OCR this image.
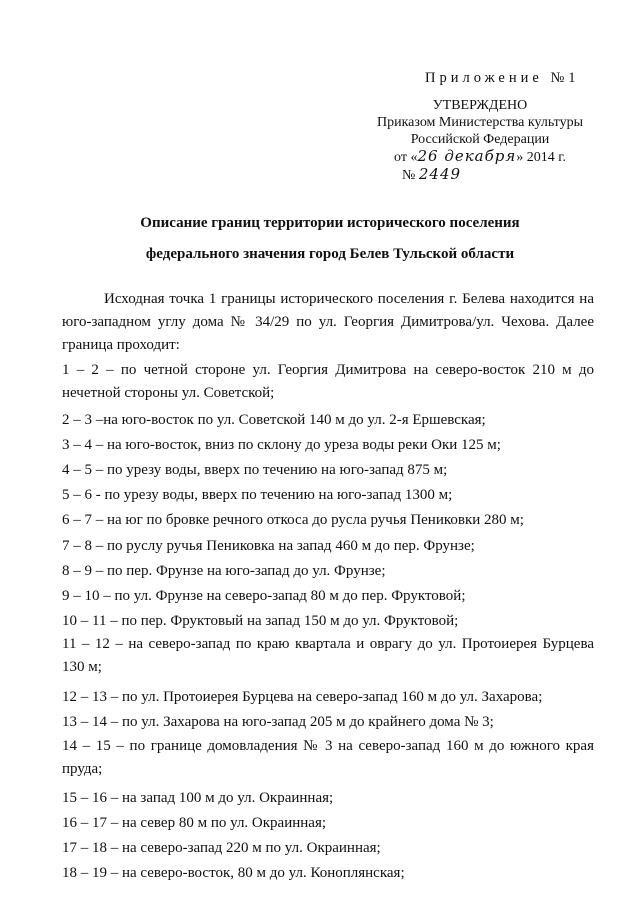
Приложение №1
УТВЕРЖДЕНО
Приказом Министерства культуры
Российской Федерации
от «26 декабря» 2014 г.
№ 2449
Описание границ территории исторического поселения
федерального значения город Белев Тульской области
Исходная точка 1 границы исторического поселения г. Белева находится на юго-западном углу дома № 34/29 по ул. Георгия Димитрова/ул. Чехова. Далее граница проходит:
1 – 2 – по четной стороне ул. Георгия Димитрова на северо-восток 210 м до нечетной стороны ул. Советской;
2 – 3 –на юго-восток по ул. Советской 140 м до ул. 2-я Ершевская;
3 – 4 – на юго-восток, вниз по склону до уреза воды реки Оки 125 м;
4 – 5 – по урезу воды, вверх по течению на юго-запад 875 м;
5 – 6 - по урезу воды, вверх по течению на юго-запад 1300 м;
6 – 7 – на юг по бровке речного откоса до русла ручья Пениковки 280 м;
7 – 8 – по руслу ручья Пениковка на запад 460 м до пер. Фрунзе;
8 – 9 – по пер. Фрунзе на юго-запад до ул. Фрунзе;
9 – 10 – по ул. Фрунзе на северо-запад 80 м до пер. Фруктовой;
10 – 11 – по пер. Фруктовый на запад 150 м до ул. Фруктовой;
11 – 12 – на северо-запад по краю квартала и оврагу до ул. Протоиерея Бурцева 130 м;
12 – 13 – по ул. Протоиерея Бурцева на северо-запад 160 м до ул. Захарова;
13 – 14 – по ул. Захарова на юго-запад 205 м до крайнего дома № 3;
14 – 15 – по границе домовладения № 3 на северо-запад 160 м до южного края пруда;
15 – 16 – на запад 100 м до ул. Окраинная;
16 – 17 – на север 80 м по ул. Окраинная;
17 – 18 – на северо-запад 220 м по ул. Окраинная;
18 – 19 – на северо-восток, 80 м до ул. Коноплянская;
